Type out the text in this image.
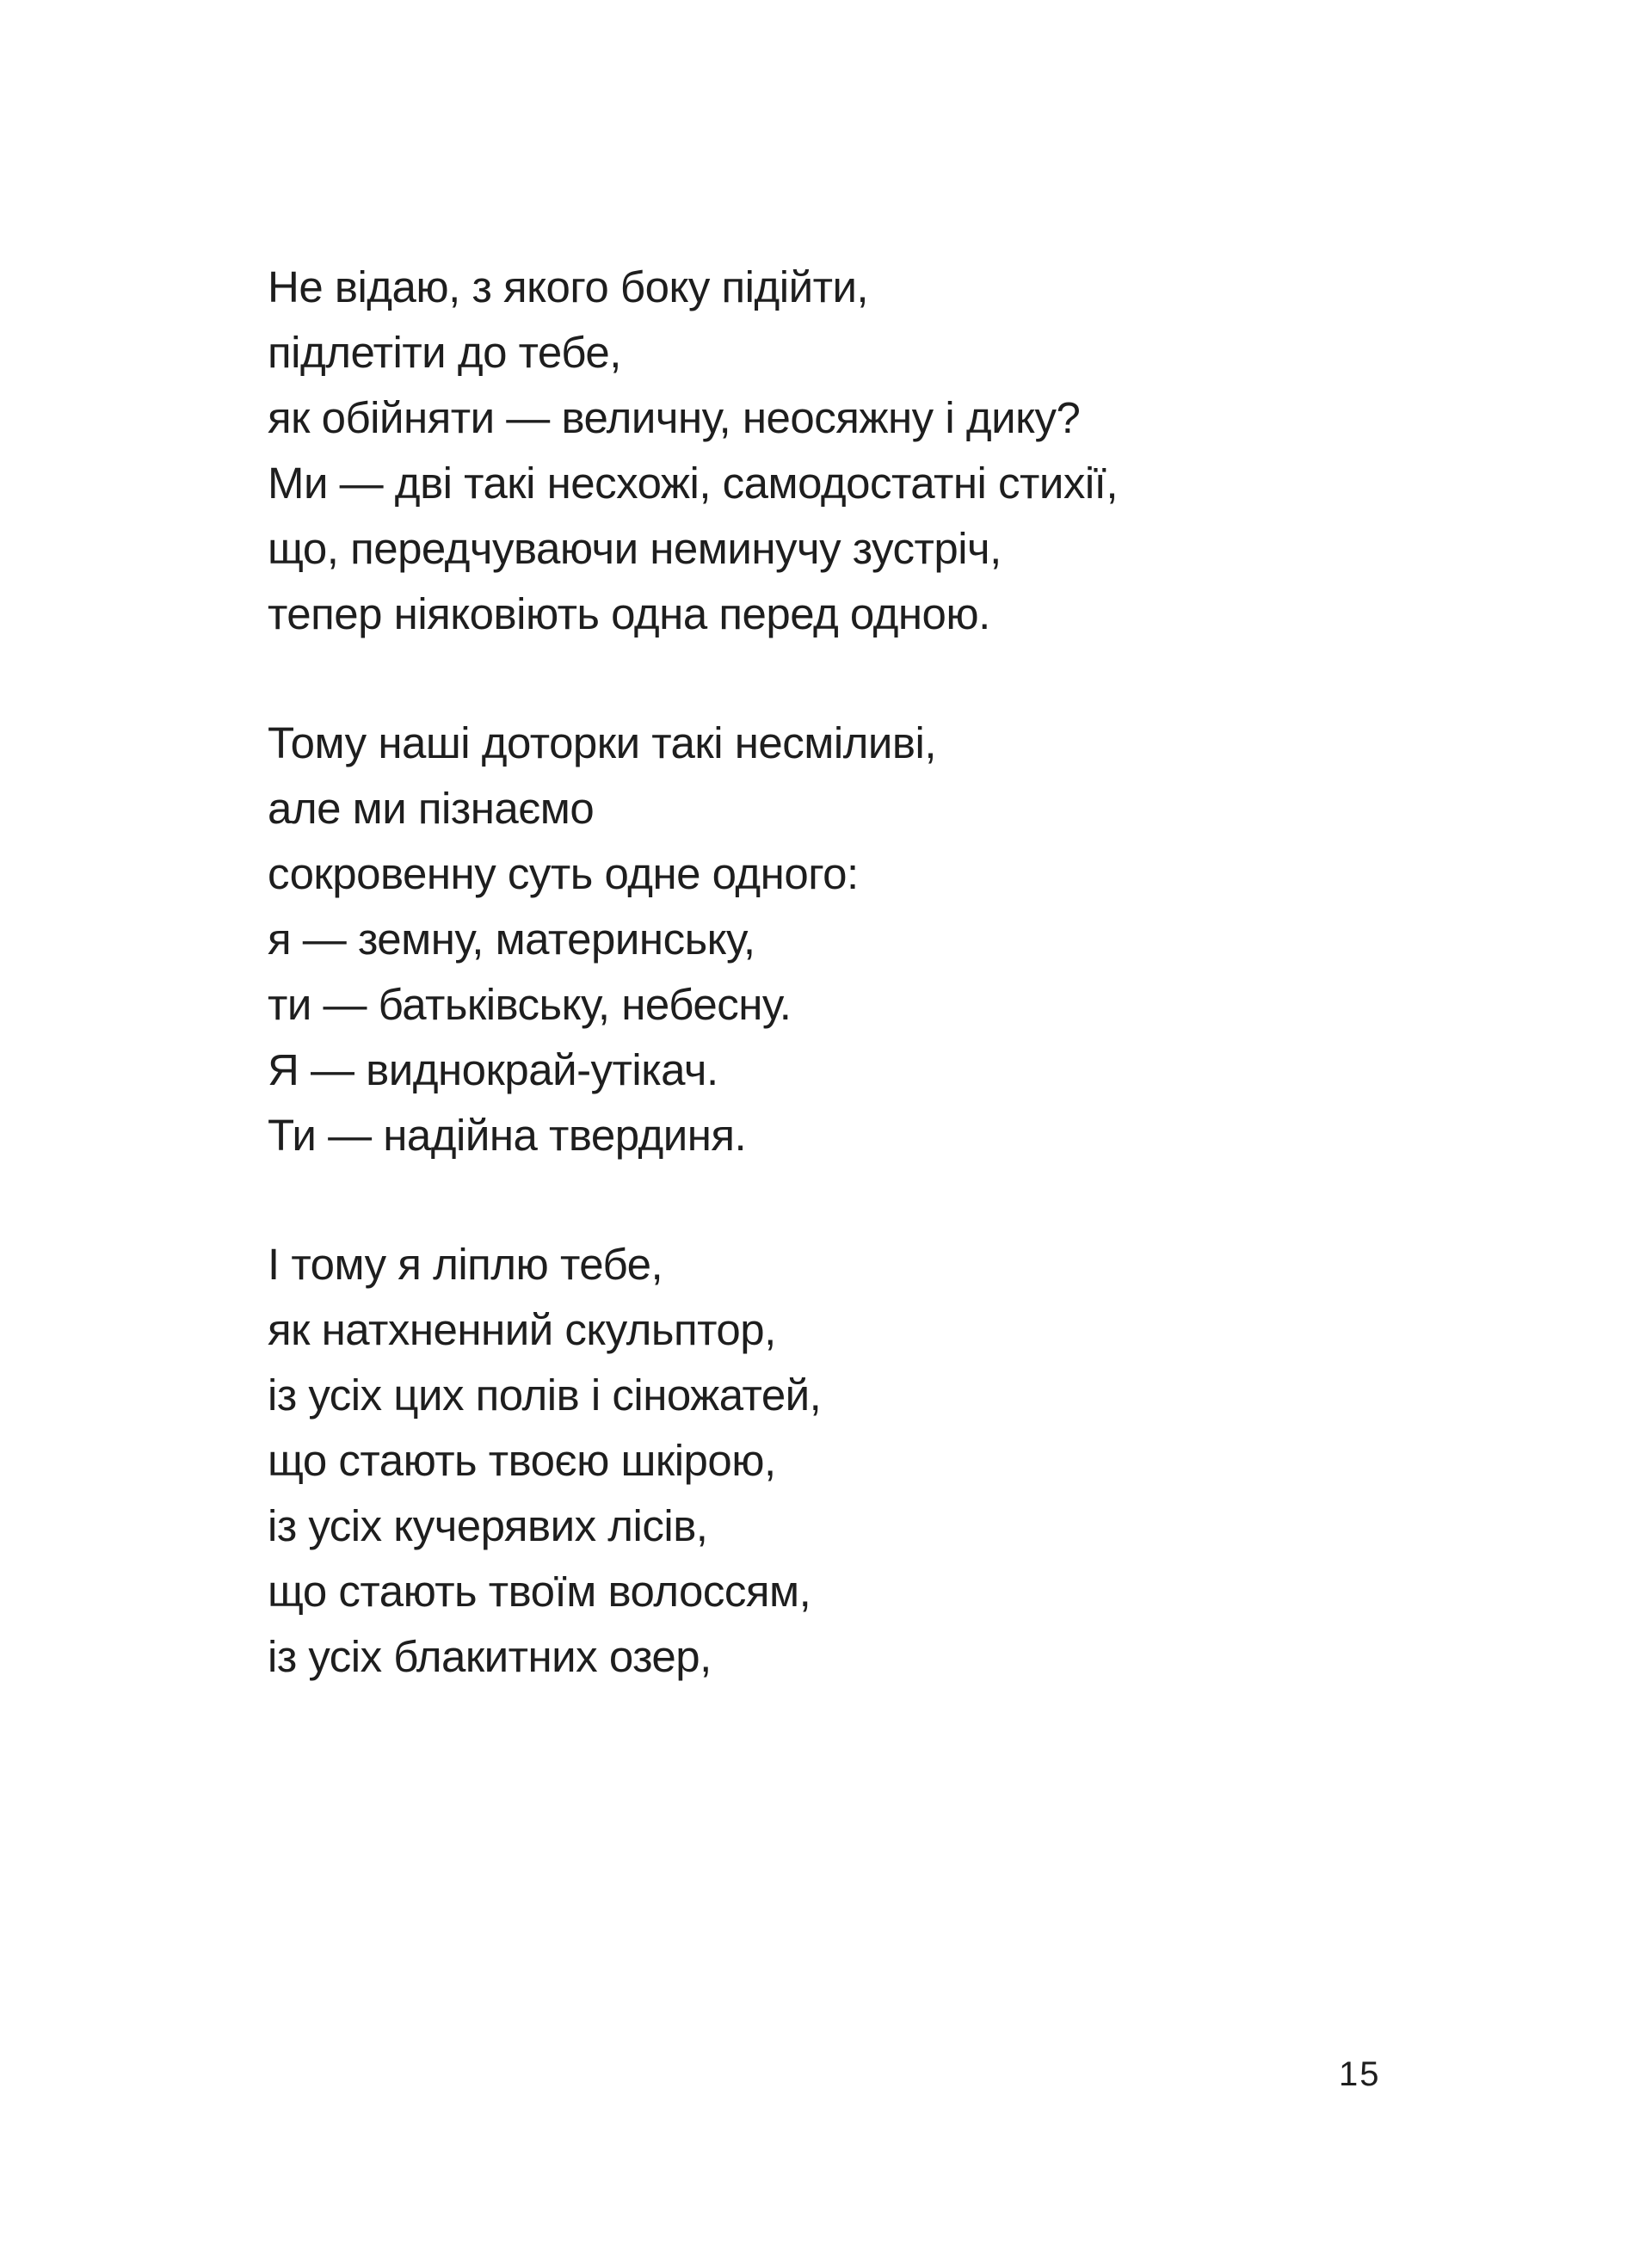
Не відаю, з якого боку підійти,
підлетіти до тебе,
як обійняти — величну, неосяжну і дику?
Ми — дві такі несхожі, самодостатні стихії,
що, передчуваючи неминучу зустріч,
тепер ніяковіють одна перед одною.
Тому наші доторки такі несміливі,
але ми пізнаємо
сокровенну суть одне одного:
я — земну, материнську,
ти — батьківську, небесну.
Я — виднокрай-утікач.
Ти — надійна твердиня.
І тому я ліплю тебе,
як натхненний скульптор,
із усіх цих полів і сіножатей,
що стають твоєю шкірою,
із усіх кучерявих лісів,
що стають твоїм волоссям,
із усіх блакитних озер,
15
